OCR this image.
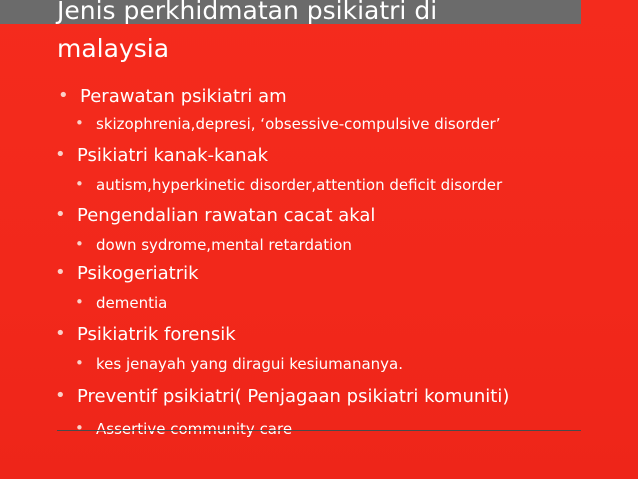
Jenis perkhidmatan psikiatri di malaysia
• Perawatan psikiatri am
• skizophrenia,depresi, ‘obsessive-compulsive disorder’
• Psikiatri kanak-kanak
• autism,hyperkinetic disorder,attention deficit disorder
• Pengendalian rawatan cacat akal
• down sydrome,mental retardation
• Psikogeriatrik
• dementia
• Psikiatrik forensik
• kes jenayah yang diragui kesiumananya.
• Preventif psikiatri( Penjagaan psikiatri komuniti)
• Assertive community care
